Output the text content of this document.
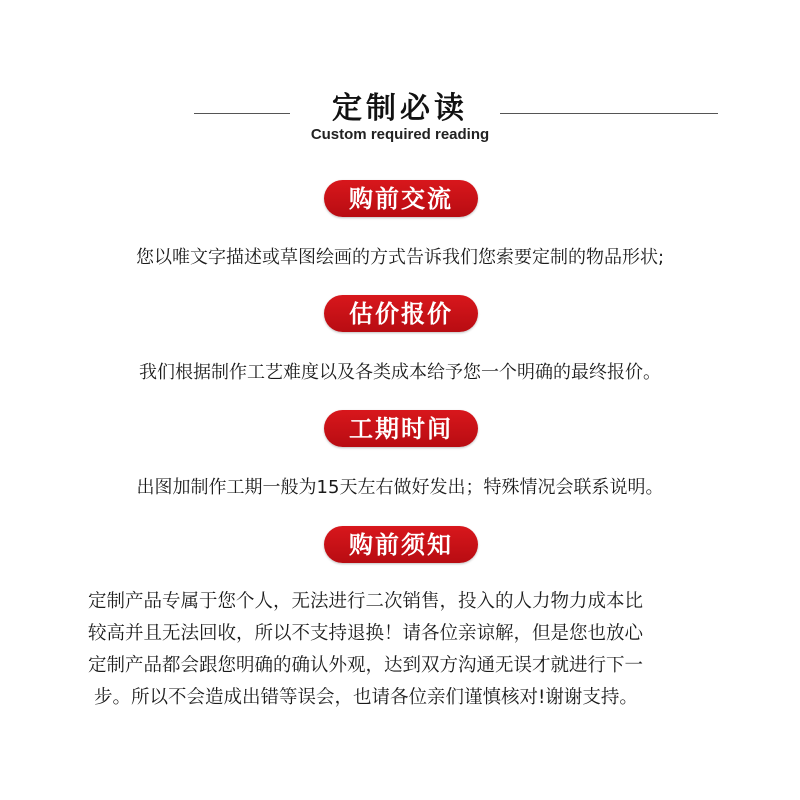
定制必读
Custom required reading
购前交流
您以唯文字描述或草图绘画的方式告诉我们您索要定制的物品形状;
估价报价
我们根据制作工艺难度以及各类成本给予您一个明确的最终报价。
工期时间
出图加制作工期一般为15天左右做好发出；特殊情况会联系说明。
购前须知
定制产品专属于您个人，无法进行二次销售，投入的人力物力成本比
较高并且无法回收，所以不支持退换！请各位亲谅解，但是您也放心
定制产品都会跟您明确的确认外观，达到双方沟通无误才就进行下一
步。所以不会造成出错等误会，也请各位亲们谨慎核对!谢谢支持。
